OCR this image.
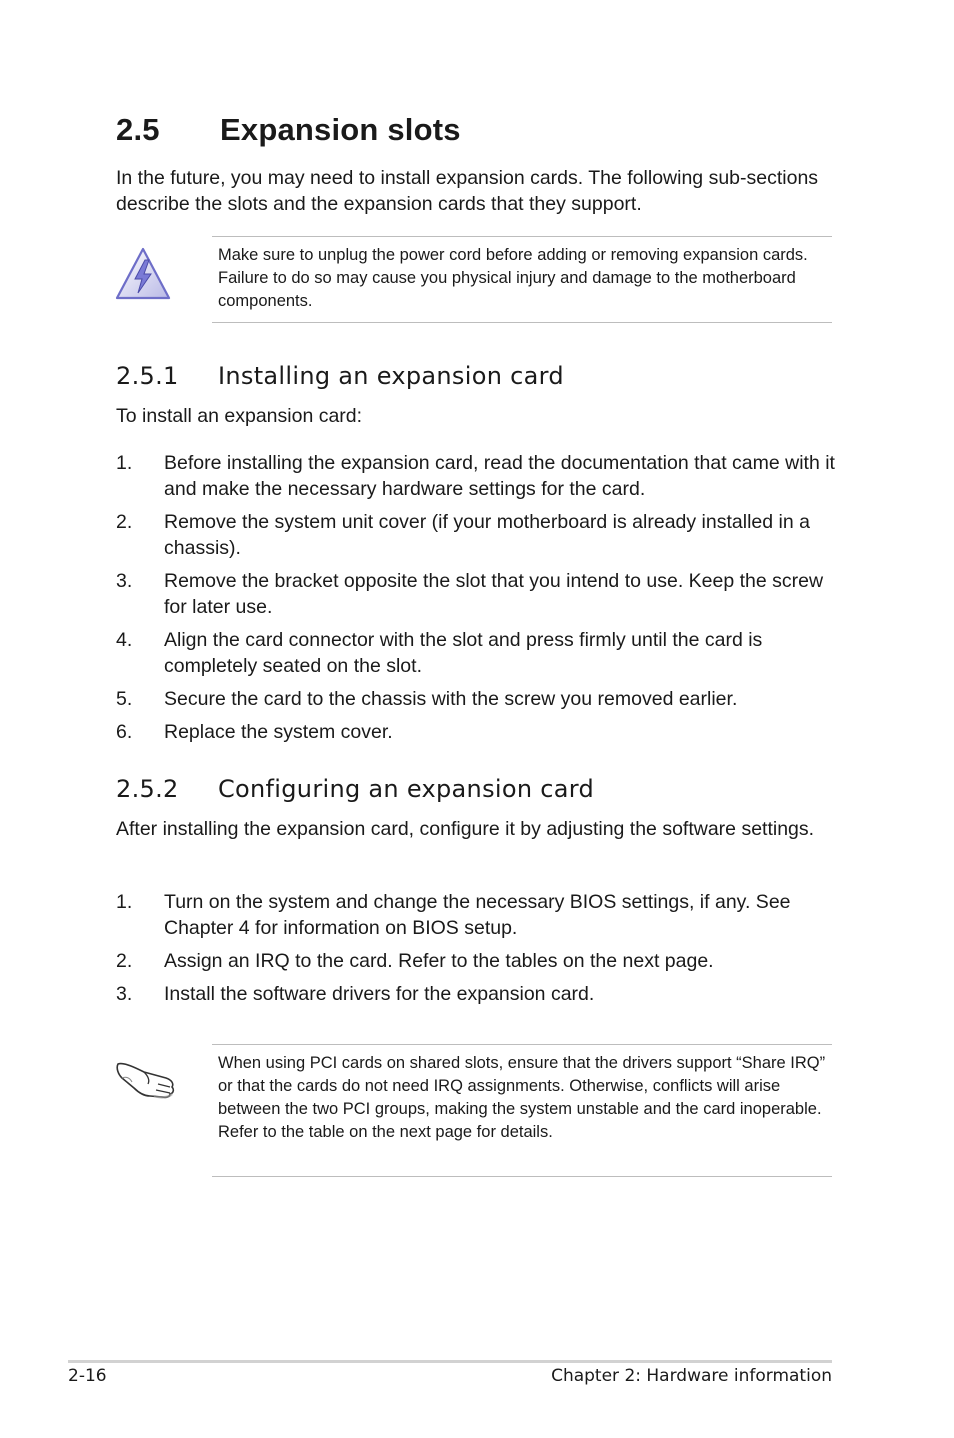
2.5 Expansion slots
In the future, you may need to install expansion cards. The following sub-sections describe the slots and the expansion cards that they support.
Make sure to unplug the power cord before adding or removing expansion cards. Failure to do so may cause you physical injury and damage to the motherboard components.
2.5.1 Installing an expansion card
To install an expansion card:
1. Before installing the expansion card, read the documentation that came with it and make the necessary hardware settings for the card.
2. Remove the system unit cover (if your motherboard is already installed in a chassis).
3. Remove the bracket opposite the slot that you intend to use. Keep the screw for later use.
4. Align the card connector with the slot and press firmly until the card is completely seated on the slot.
5. Secure the card to the chassis with the screw you removed earlier.
6. Replace the system cover.
2.5.2 Configuring an expansion card
After installing the expansion card, configure it by adjusting the software settings.
1. Turn on the system and change the necessary BIOS settings, if any. See Chapter 4 for information on BIOS setup.
2. Assign an IRQ to the card. Refer to the tables on the next page.
3. Install the software drivers for the expansion card.
When using PCI cards on shared slots, ensure that the drivers support “Share IRQ” or that the cards do not need IRQ assignments. Otherwise, conflicts will arise between the two PCI groups, making the system unstable and the card inoperable. Refer to the table on the next page for details.
2-16	Chapter 2: Hardware information
